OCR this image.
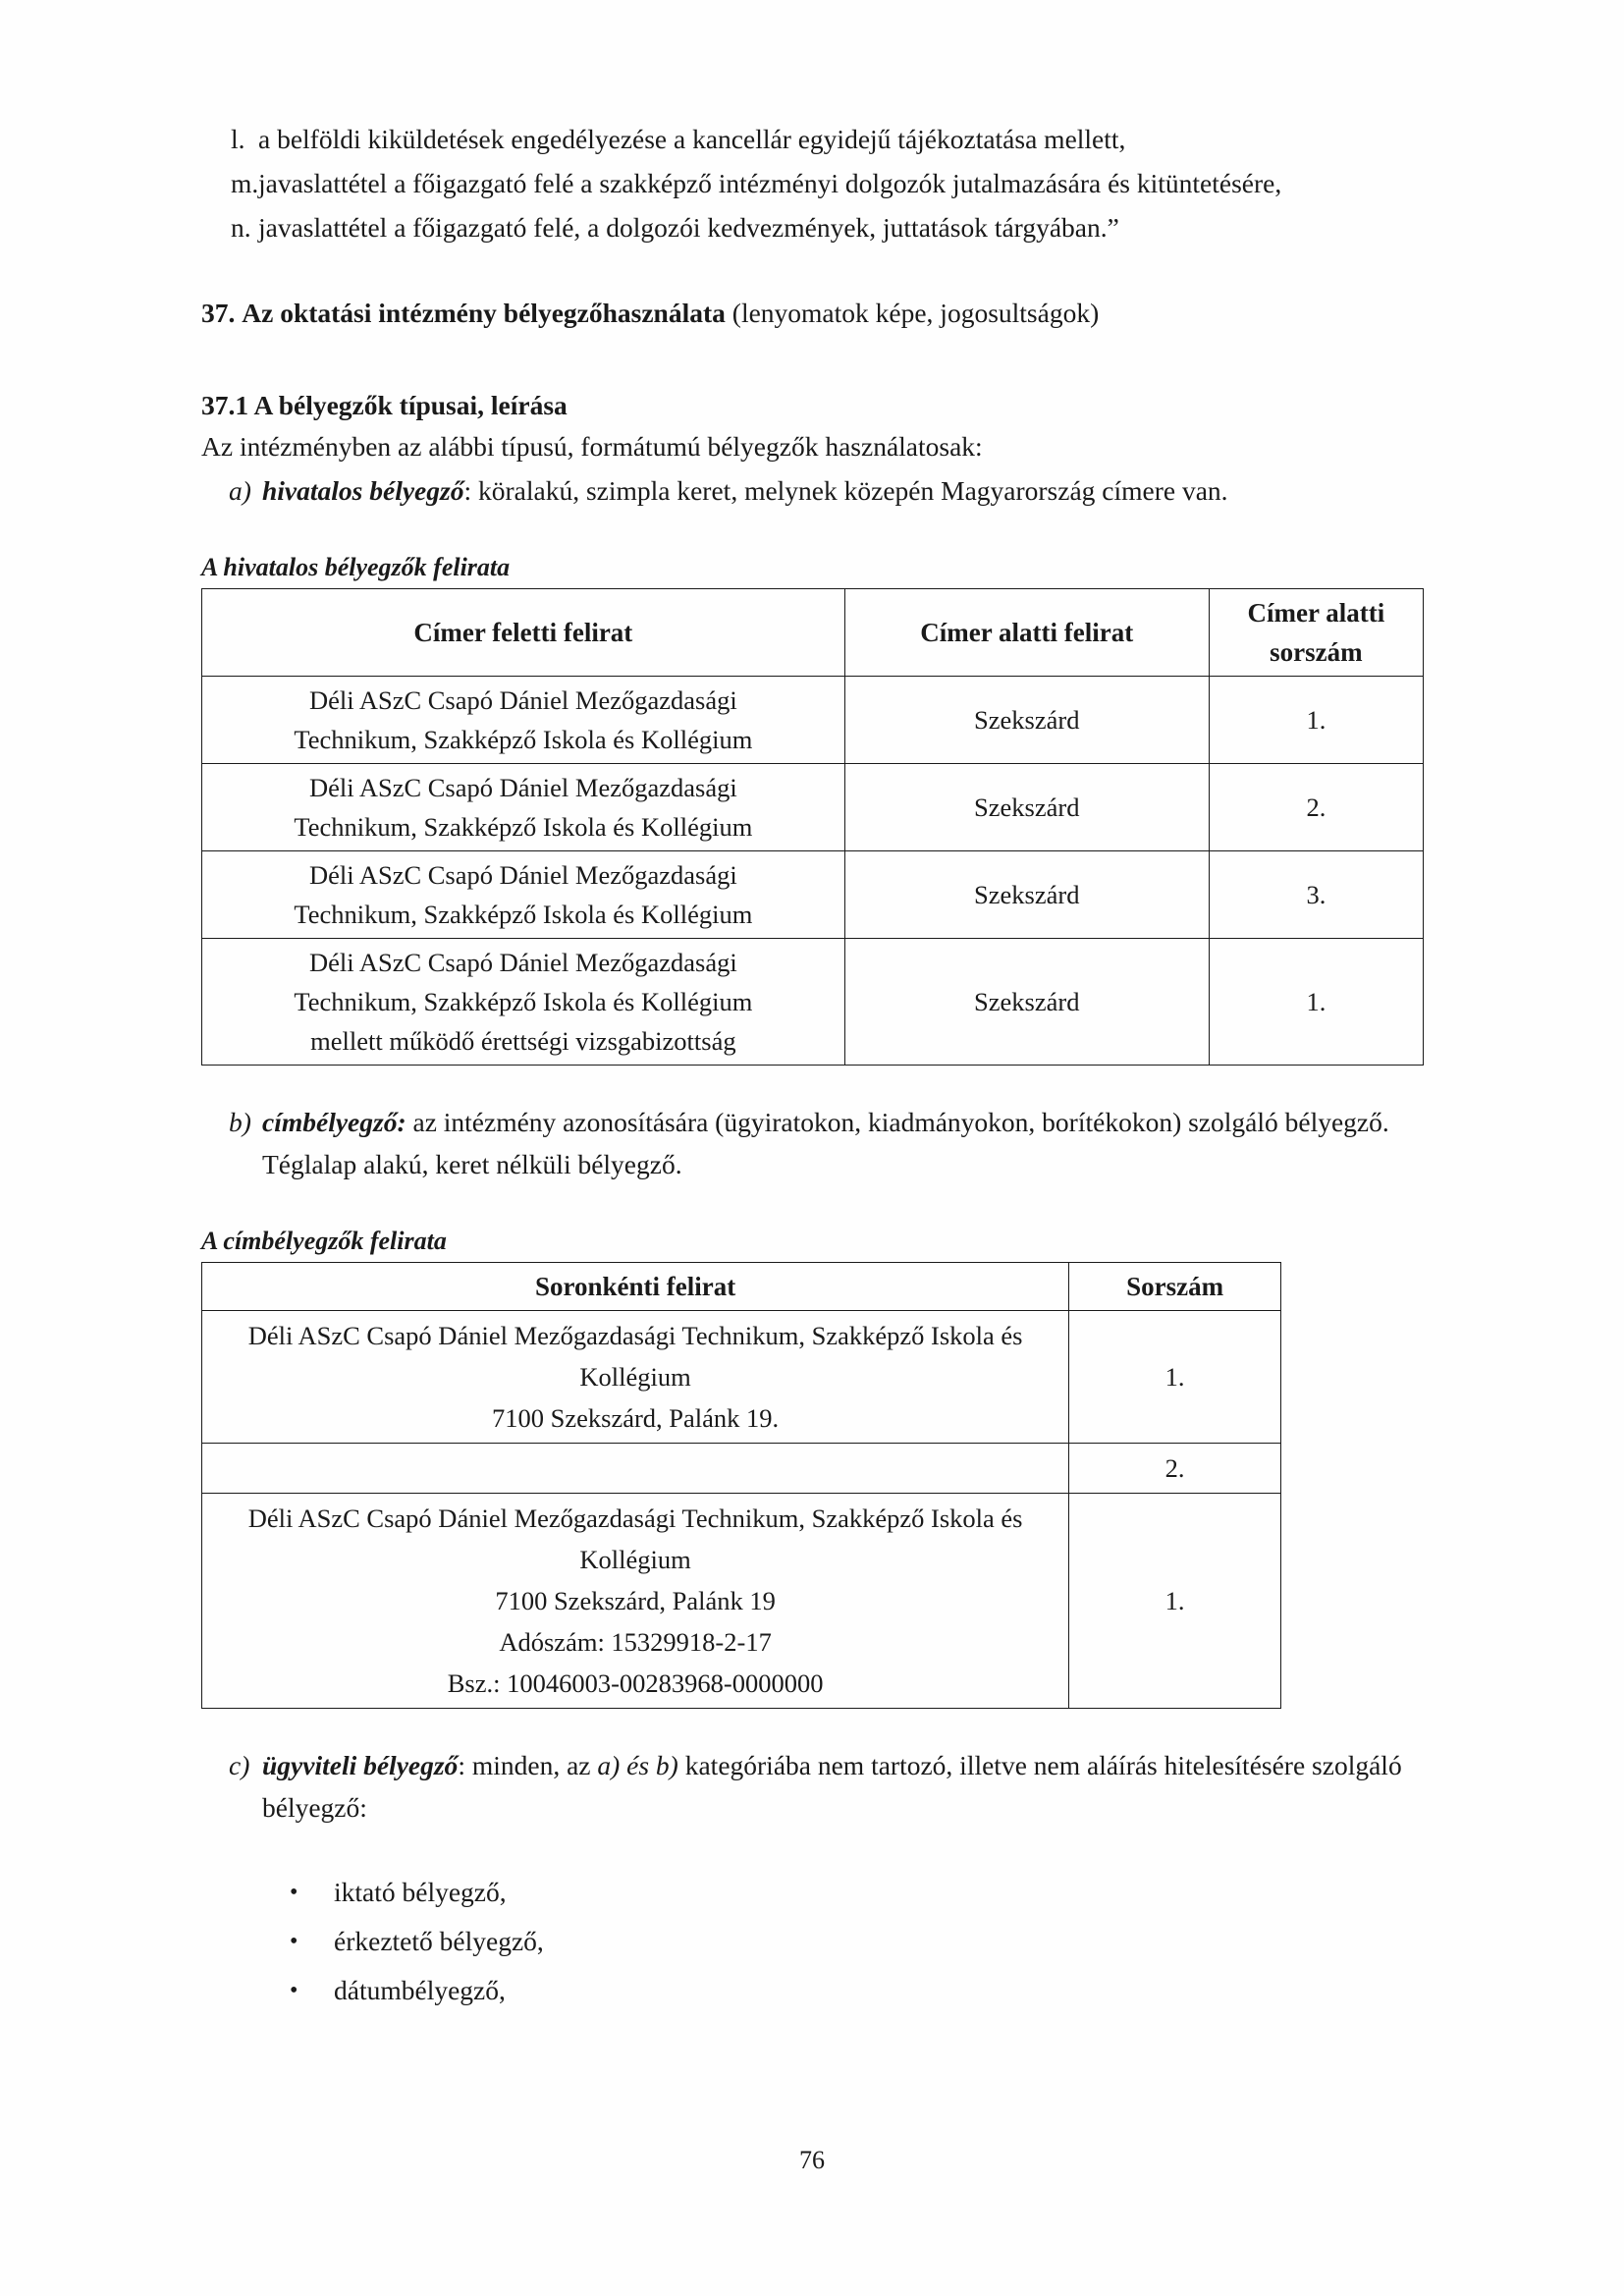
l. a belföldi kiküldetések engedélyezése a kancellár egyidejű tájékoztatása mellett,
m. javaslattétel a főigazgató felé a szakképző intézményi dolgozók jutalmazására és kitüntetésére,
n. javaslattétel a főigazgató felé, a dolgozói kedvezmények, juttatások tárgyában.”
37. Az oktatási intézmény bélyegzőhasználata (lenyomatok képe, jogosultságok)
37.1 A bélyegzők típusai, leírása
Az intézményben az alábbi típusú, formátumú bélyegzők használatosak:
a) hivatalos bélyegző: köralakú, szimpla keret, melynek közepén Magyarország címere van.
A hivatalos bélyegzők felirata
Címer feletti felirat	Címer alatti felirat	Címer alatti sorszám

Déli ASzC Csapó Dániel Mezőgazdasági
Technikum, Szakképző Iskola és Kollégium	Szekszárd	1.

Déli ASzC Csapó Dániel Mezőgazdasági
Technikum, Szakképző Iskola és Kollégium	Szekszárd	2.

Déli ASzC Csapó Dániel Mezőgazdasági
Technikum, Szakképző Iskola és Kollégium	Szekszárd	3.

Déli ASzC Csapó Dániel Mezőgazdasági
Technikum, Szakképző Iskola és Kollégium
mellett működő érettségi vizsgabizottság	Szekszárd	1.
b) címbélyegző: az intézmény azonosítására (ügyiratokon, kiadmányokon, borítékokon) szolgáló bélyegző. Téglalap alakú, keret nélküli bélyegző.
A címbélyegzők felirata
Soronkénti felirat	Sorszám

Déli ASzC Csapó Dániel Mezőgazdasági Technikum, Szakképző Iskola és
Kollégium
7100 Szekszárd, Palánk 19.	1.
	2.

Déli ASzC Csapó Dániel Mezőgazdasági Technikum, Szakképző Iskola és
Kollégium
7100 Szekszárd, Palánk 19
Adószám: 15329918-2-17
Bsz.: 10046003-00283968-0000000	1.
c) ügyviteli bélyegző: minden, az a) és b) kategóriába nem tartozó, illetve nem aláírás hitelesítésére szolgáló bélyegző:
• iktató bélyegző,
• érkeztető bélyegző,
• dátumbélyegző,
76
